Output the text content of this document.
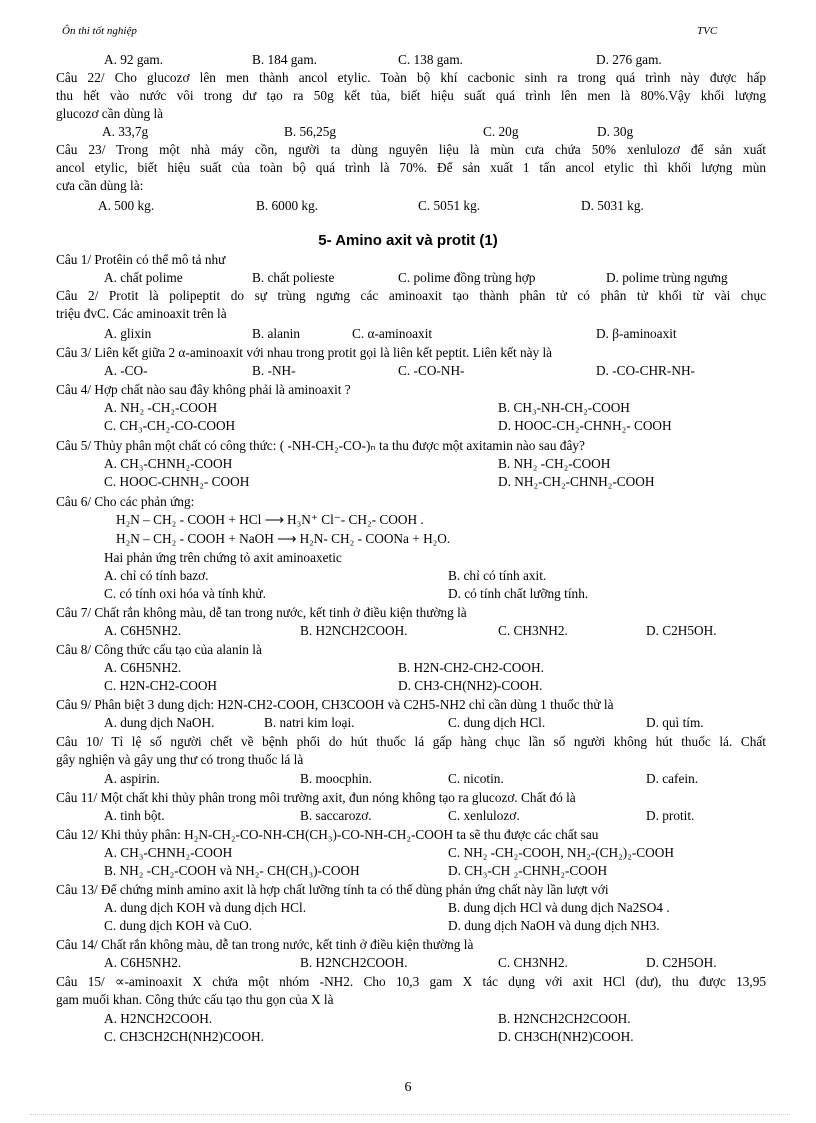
Ôn thi tốt nghiệp	TVC
5- Amino axit và protit (1)
A. 92 gam.	B. 184 gam.	C. 138 gam.	D. 276 gam.
Câu 22/ Cho glucozơ lên men thành ancol etylic. Toàn bộ khí cacbonic sinh ra trong quá trình này được hấp
thu hết vào nước vôi trong dư tạo ra 50g kết tủa, biết hiệu suất quá trình lên men là 80%.Vậy khối lượng
glucozơ cần dùng là
A. 33,7g	B. 56,25g	C. 20g	D. 30g
Câu 23/ Trong một nhà máy cồn, người ta dùng nguyên liệu là mùn cưa chứa 50% xenlulozơ để sản xuất
ancol etylic, biết hiệu suất của toàn bộ quá trình là 70%. Để sản xuất 1 tấn ancol etylic thì khối lượng mùn
cưa cần dùng là:
A. 500 kg.	B. 6000 kg.	C. 5051 kg.	D. 5031 kg.
Câu 1/ Protêin có thể mô tả như
A. chất polime	B. chất polieste	C. polime đồng trùng hợp	D. polime trùng ngưng
Câu 2/ Protit là polipeptit do sự trùng ngưng các aminoaxit tạo thành phân tử có phân tử khối từ vài chục
triệu đvC. Các aminoaxit trên là
A. glixin	B. alanin	C. α-aminoaxit	D. β-aminoaxit
Câu 3/ Liên kết giữa 2 α-aminoaxit với nhau trong protit gọi là liên kết peptit. Liên kết này là
A. -CO-	B. -NH-	C. -CO-NH-	D. -CO-CHR-NH-
Câu 4/ Hợp chất nào sau đây không phải là aminoaxit ?
A. NH₂ -CH₂-COOH	B. CH₃-NH-CH₂-COOH
C. CH₃-CH₂-CO-COOH	D. HOOC-CH₂-CHNH₂- COOH
Câu 5/ Thủy phân một chất có công thức: ( -NH-CH₂-CO-)ₙ ta thu được một axitamin nào sau đây?
A. CH₃-CHNH₂-COOH	B. NH₂ -CH₂-COOH
C. HOOC-CHNH₂- COOH	D. NH₂-CH₂-CHNH₂-COOH
Câu 6/ Cho các phản ứng:
H₂N – CH₂ - COOH + HCl ⟶ H₃N⁺ Cl⁻- CH₂- COOH .
H₂N – CH₂ - COOH + NaOH ⟶ H₂N- CH₂ - COONa + H₂O.
Hai phản ứng trên chứng tỏ axit aminoaxetic
A. chỉ có tính bazơ.	B. chỉ có tính axit.
C. có tính oxi hóa và tính khử.	D. có tính chất lưỡng tính.
Câu 7/ Chất rắn không màu, dễ tan trong nước, kết tinh ở điều kiện thường là
A. C6H5NH2.	B. H2NCH2COOH.	C. CH3NH2.	D. C2H5OH.
Câu 8/ Công thức cấu tạo của alanin là
A. C6H5NH2.	B. H2N-CH2-CH2-COOH.
C. H2N-CH2-COOH	D. CH3-CH(NH2)-COOH.
Câu 9/ Phân biệt 3 dung dịch: H2N-CH2-COOH, CH3COOH và C2H5-NH2 chỉ cần dùng 1 thuốc thử là
A. dung dịch NaOH.	B. natri kim loại.	C. dung dịch HCl.	D. quì tím.
Câu 10/ Tỉ lệ số người chết về bệnh phổi do hút thuốc lá gấp hàng chục lần số người không hút thuốc lá. Chất
gây nghiện và gây ung thư có trong thuốc lá là
A. aspirin.	B. moocphin.	C. nicotin.	D. cafein.
Câu 11/ Một chất khi thủy phân trong môi trường axit, đun nóng không tạo ra glucozơ. Chất đó là
A. tinh bột.	B. saccarozơ.	C. xenlulozơ.	D. protit.
Câu 12/ Khi thủy phân: H₂N-CH₂-CO-NH-CH(CH₃)-CO-NH-CH₂-COOH ta sẽ thu được các chất sau
A. CH₃-CHNH₂-COOH	C. NH₂ -CH₂-COOH, NH₂-(CH₂)₂-COOH
B. NH₂ -CH₂-COOH và NH₂- CH(CH₃)-COOH	D. CH₃-CH ₂-CHNH₂-COOH
Câu 13/ Để chứng minh amino axit là hợp chất lưỡng tính ta có thể dùng phản ứng chất này lần lượt với
A. dung dịch KOH và dung dịch HCl.	B. dung dịch HCl và dung dịch Na2SO4 .
C. dung dịch KOH và CuO.	D. dung dịch NaOH và dung dịch NH3.
Câu 14/ Chất rắn không màu, dễ tan trong nước, kết tinh ở điều kiện thường là
A. C6H5NH2.	B. H2NCH2COOH.	C. CH3NH2.	D. C2H5OH.
Câu 15/ ∝-aminoaxit X chứa một nhóm -NH2. Cho 10,3 gam X tác dụng với axit HCl (dư), thu được 13,95
gam muối khan. Công thức cấu tạo thu gọn của X là
A. H2NCH2COOH.	B. H2NCH2CH2COOH.
C. CH3CH2CH(NH2)COOH.	D. CH3CH(NH2)COOH.
6
